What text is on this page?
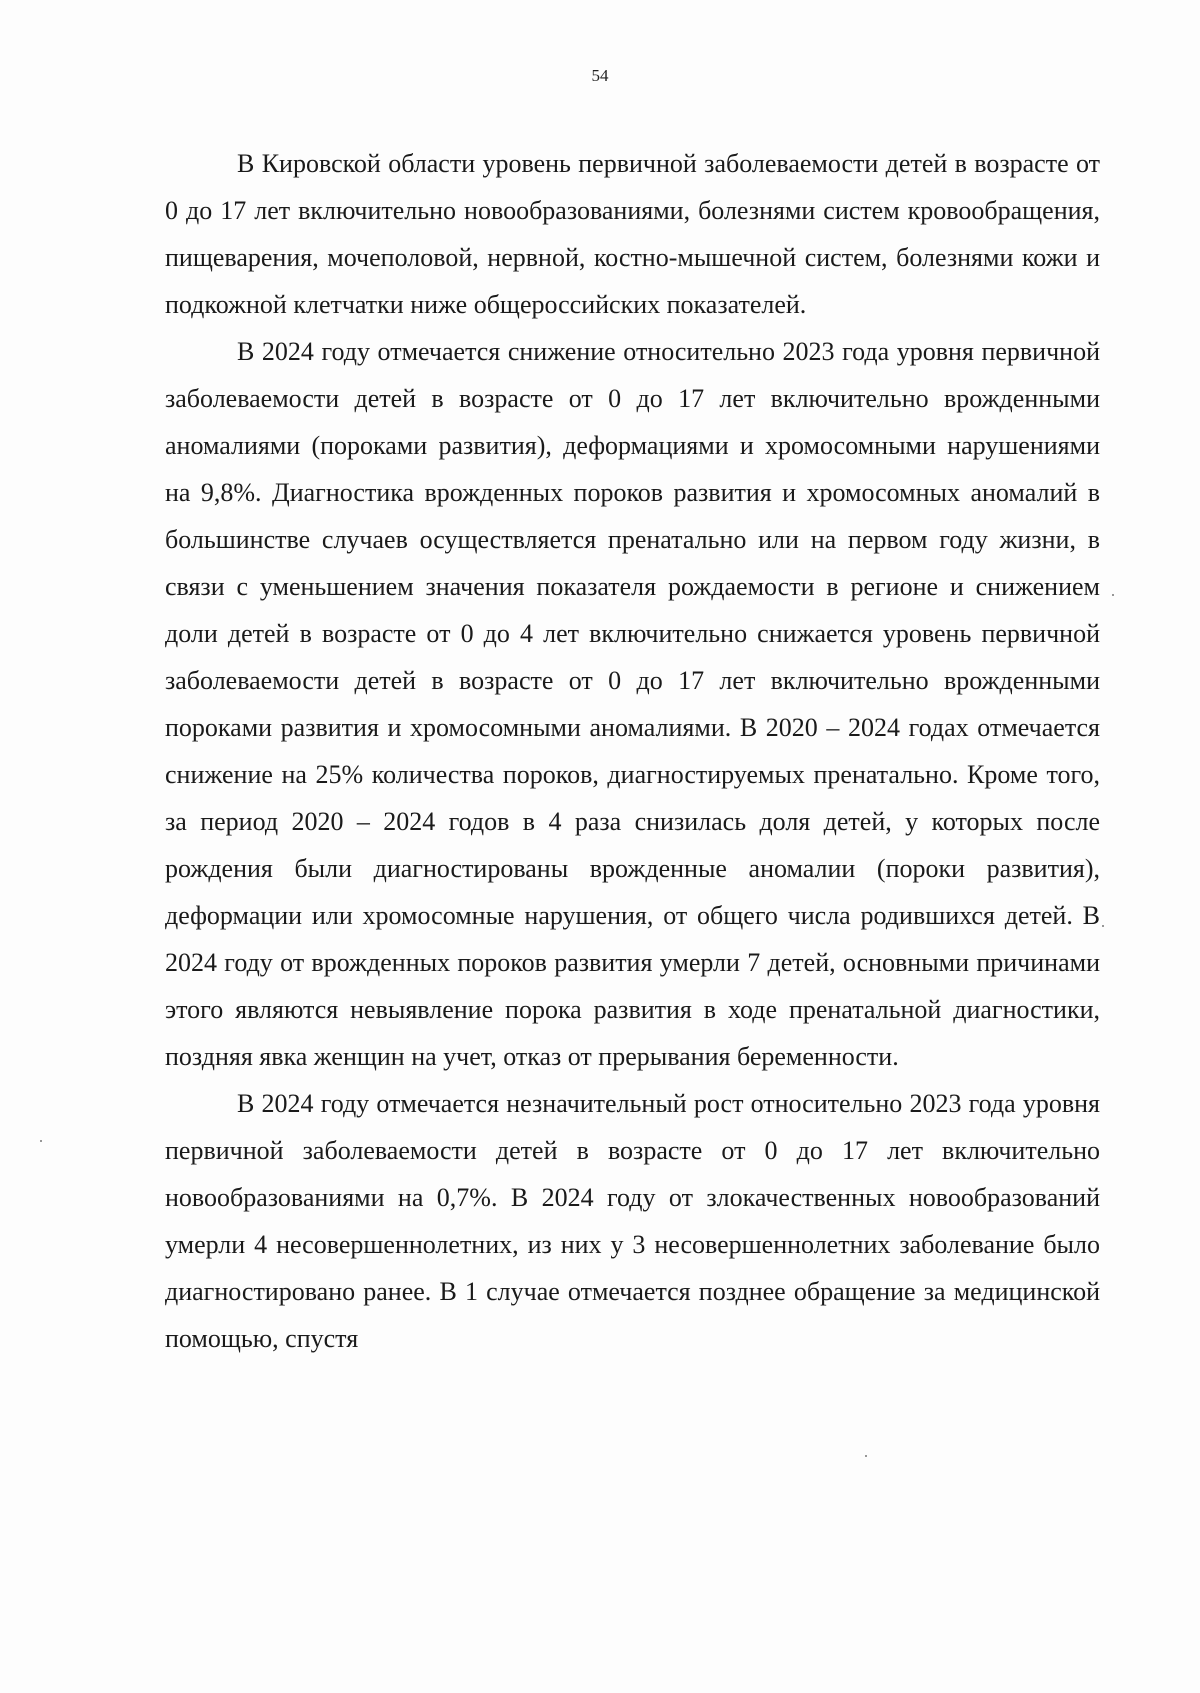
54

В Кировской области уровень первичной заболеваемости детей в возрасте от 0 до 17 лет включительно новообразованиями, болезнями систем кровообращения, пищеварения, мочеполовой, нервной, костно-мышечной систем, болезнями кожи и подкожной клетчатки ниже общероссийских показателей.

В 2024 году отмечается снижение относительно 2023 года уровня первичной заболеваемости детей в возрасте от 0 до 17 лет включительно врожденными аномалиями (пороками развития), деформациями и хромосомными нарушениями на 9,8%. Диагностика врожденных пороков развития и хромосомных аномалий в большинстве случаев осуществляется пренатально или на первом году жизни, в связи с уменьшением значения показателя рождаемости в регионе и снижением доли детей в возрасте от 0 до 4 лет включительно снижается уровень первичной заболеваемости детей в возрасте от 0 до 17 лет включительно врожденными пороками развития и хромосомными аномалиями. В 2020 – 2024 годах отмечается снижение на 25% количества пороков, диагностируемых пренатально. Кроме того, за период 2020 – 2024 годов в 4 раза снизилась доля детей, у которых после рождения были диагностированы врожденные аномалии (пороки развития), деформации или хромосомные нарушения, от общего числа родившихся детей. В 2024 году от врожденных пороков развития умерли 7 детей, основными причинами этого являются невыявление порока развития в ходе пренатальной диагностики, поздняя явка женщин на учет, отказ от прерывания беременности.

В 2024 году отмечается незначительный рост относительно 2023 года уровня первичной заболеваемости детей в возрасте от 0 до 17 лет включительно новообразованиями на 0,7%. В 2024 году от злокачественных новообразований умерли 4 несовершеннолетних, из них у 3 несовершеннолетних заболевание было диагностировано ранее. В 1 случае отмечается позднее обращение за медицинской помощью, спустя
